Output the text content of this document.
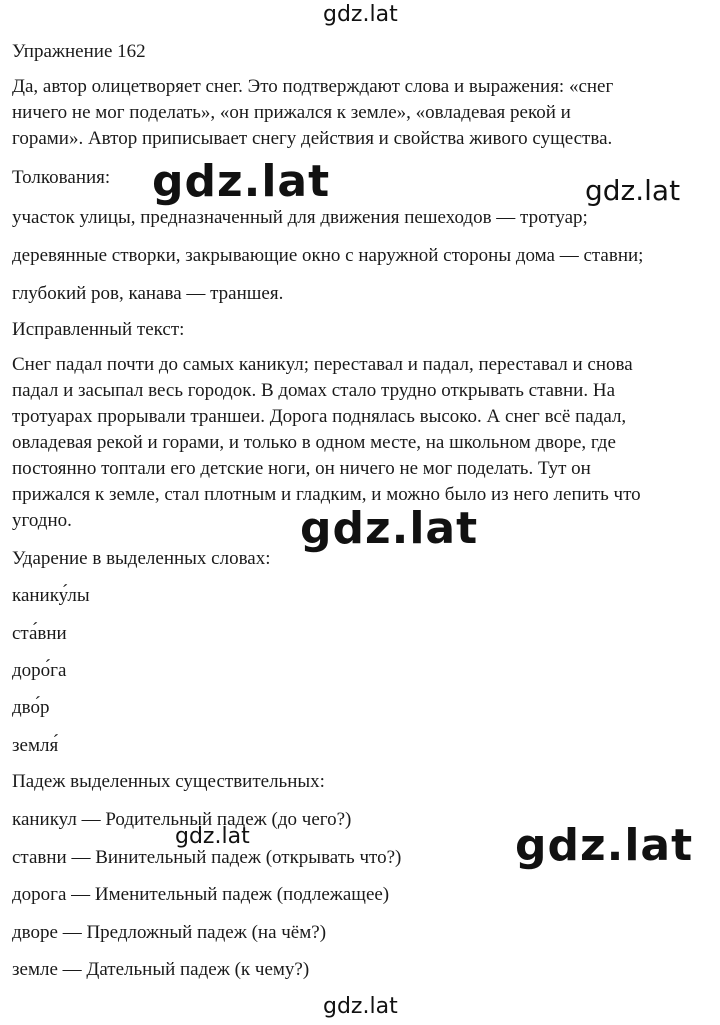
gdz.lat
Упражнение 162

Да, автор олицетворяет снег. Это подтверждают слова и выражения: «снег

ничего не мог поделать», «он прижался к земле», «овладевая рекой и

горами». Автор приписывает снегу действия и свойства живого существа.

Толкования:
участок улицы, предназначенный для движения пешеходов — тротуар;
деревянные створки, закрывающие окно с наружной стороны дома — ставни;
глубокий ров, канава — траншея.
Исправленный текст:

Снег падал почти до самых каникул; переставал и падал, переставал и снова

падал и засыпал весь городок. В домах стало трудно открывать ставни. На

тротуарах прорывали траншеи. Дорога поднялась высоко. А снег всё падал,

овладевая рекой и горами, и только в одном месте, на школьном дворе, где

постоянно топтали его детские ноги, он ничего не мог поделать. Тут он

прижался к земле, стал плотным и гладким, и можно было из него лепить что

угодно.

Ударение в выделенных словах:
канику́лы
ста́вни
доро́га
дво́р
земля́
Падеж выделенных существительных:
каникул — Родительный падеж (до чего?)
ставни — Винительный падеж (открывать что?)
дорога — Именительный падеж (подлежащее)
дворе — Предложный падеж (на чём?)
земле — Дательный падеж (к чему?)
gdz.lat	gdz.lat
gdz.lat
gdz.lat	gdz.lat
gdz.lat
